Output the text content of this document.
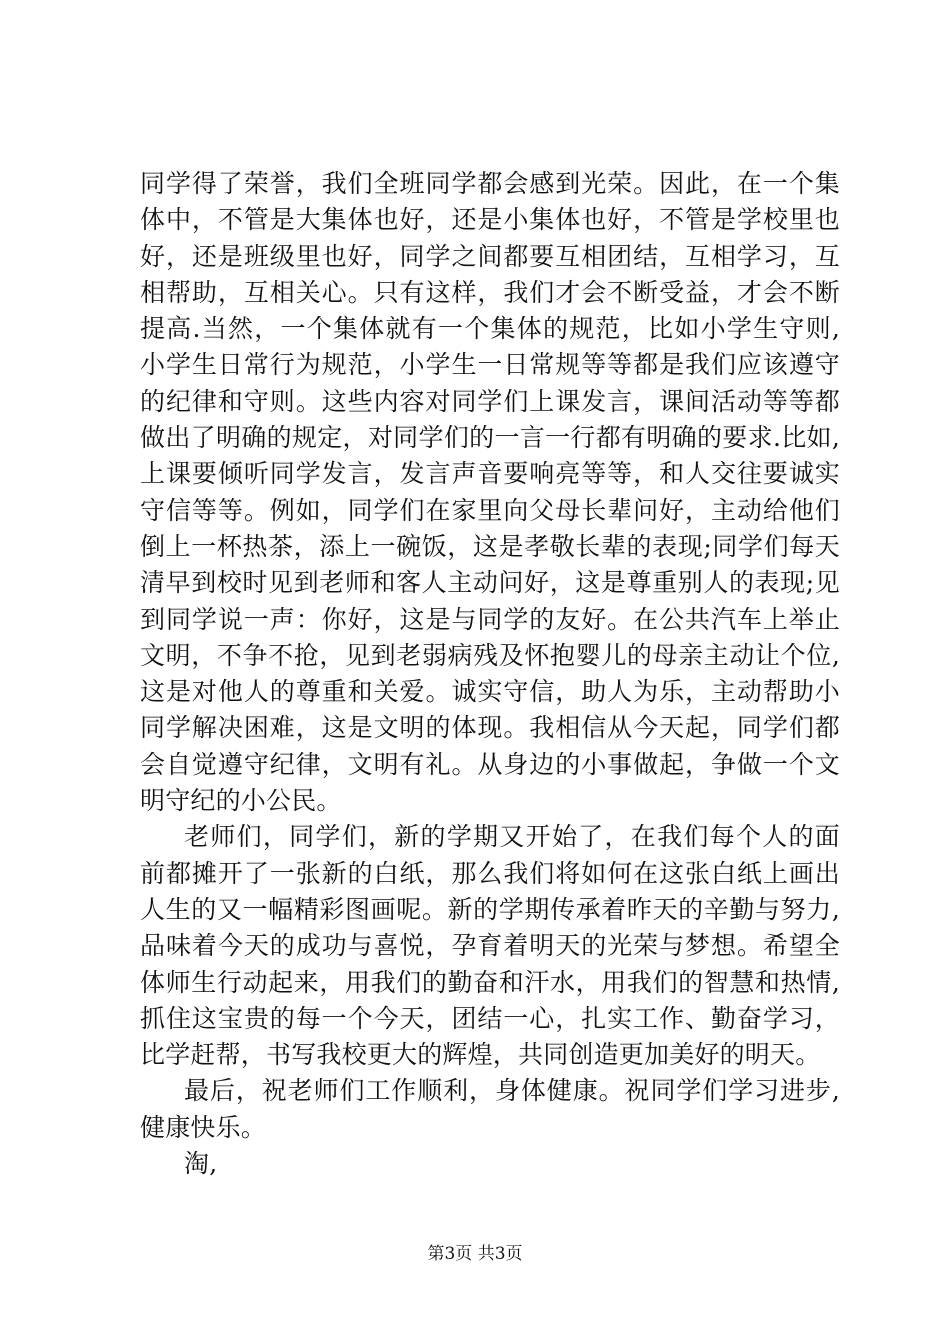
同学得了荣誉，我们全班同学都会感到光荣。因此，在一个集
体中，不管是大集体也好，还是小集体也好，不管是学校里也
好，还是班级里也好，同学之间都要互相团结，互相学习，互
相帮助，互相关心。只有这样，我们才会不断受益，才会不断
提高.当然，一个集体就有一个集体的规范，比如小学生守则,
小学生日常行为规范，小学生一日常规等等都是我们应该遵守
的纪律和守则。这些内容对同学们上课发言，课间活动等等都
做出了明确的规定，对同学们的一言一行都有明确的要求.比如,
上课要倾听同学发言，发言声音要响亮等等，和人交往要诚实
守信等等。例如，同学们在家里向父母长辈问好，主动给他们
倒上一杯热茶，添上一碗饭，这是孝敬长辈的表现;同学们每天
清早到校时见到老师和客人主动问好，这是尊重别人的表现;见
到同学说一声：你好，这是与同学的友好。在公共汽车上举止
文明，不争不抢，见到老弱病残及怀抱婴儿的母亲主动让个位,
这是对他人的尊重和关爱。诚实守信，助人为乐，主动帮助小
同学解决困难，这是文明的体现。我相信从今天起，同学们都
会自觉遵守纪律，文明有礼。从身边的小事做起，争做一个文
明守纪的小公民。
老师们，同学们，新的学期又开始了，在我们每个人的面
前都摊开了一张新的白纸，那么我们将如何在这张白纸上画出
人生的又一幅精彩图画呢。新的学期传承着昨天的辛勤与努力,
品味着今天的成功与喜悦，孕育着明天的光荣与梦想。希望全
体师生行动起来，用我们的勤奋和汗水，用我们的智慧和热情,
抓住这宝贵的每一个今天，团结一心，扎实工作、勤奋学习，
比学赶帮，书写我校更大的辉煌，共同创造更加美好的明天。
最后，祝老师们工作顺利，身体健康。祝同学们学习进步,
健康快乐。
淘,
第3页 共3页
